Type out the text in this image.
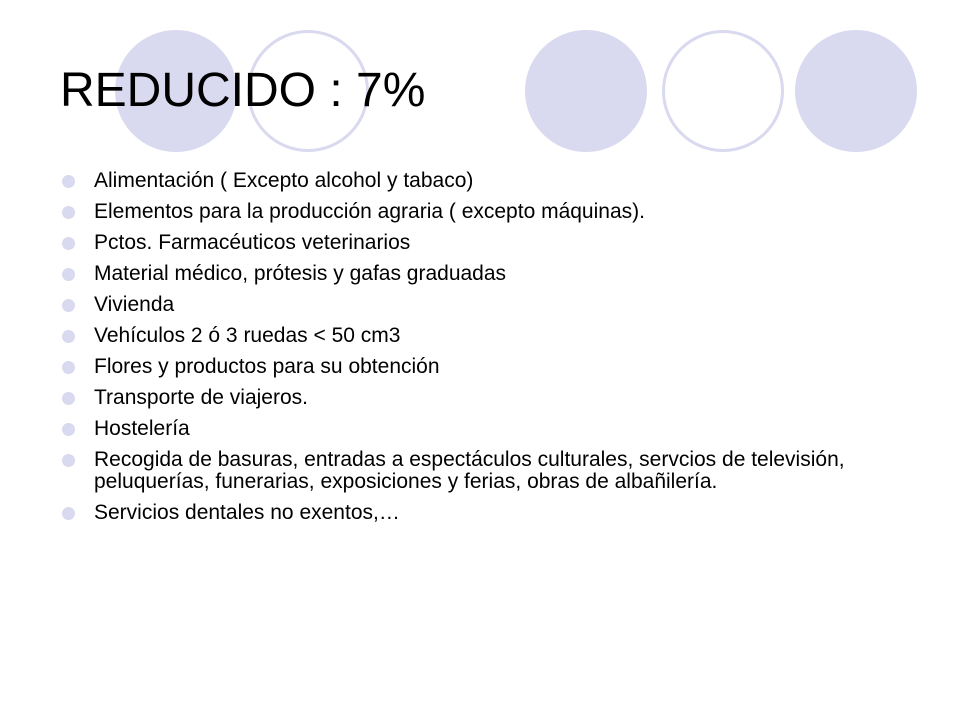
REDUCIDO : 7%
Alimentación ( Excepto alcohol y tabaco)
Elementos para la producción agraria ( excepto máquinas).
Pctos. Farmacéuticos veterinarios
Material médico, prótesis y gafas graduadas
Vivienda
Vehículos 2 ó 3 ruedas < 50 cm3
Flores y productos para su obtención
Transporte de viajeros.
Hostelería
Recogida de basuras, entradas a espectáculos culturales, servcios de televisión, peluquerías, funerarias, exposiciones y ferias, obras de albañilería.
Servicios dentales no exentos,…
